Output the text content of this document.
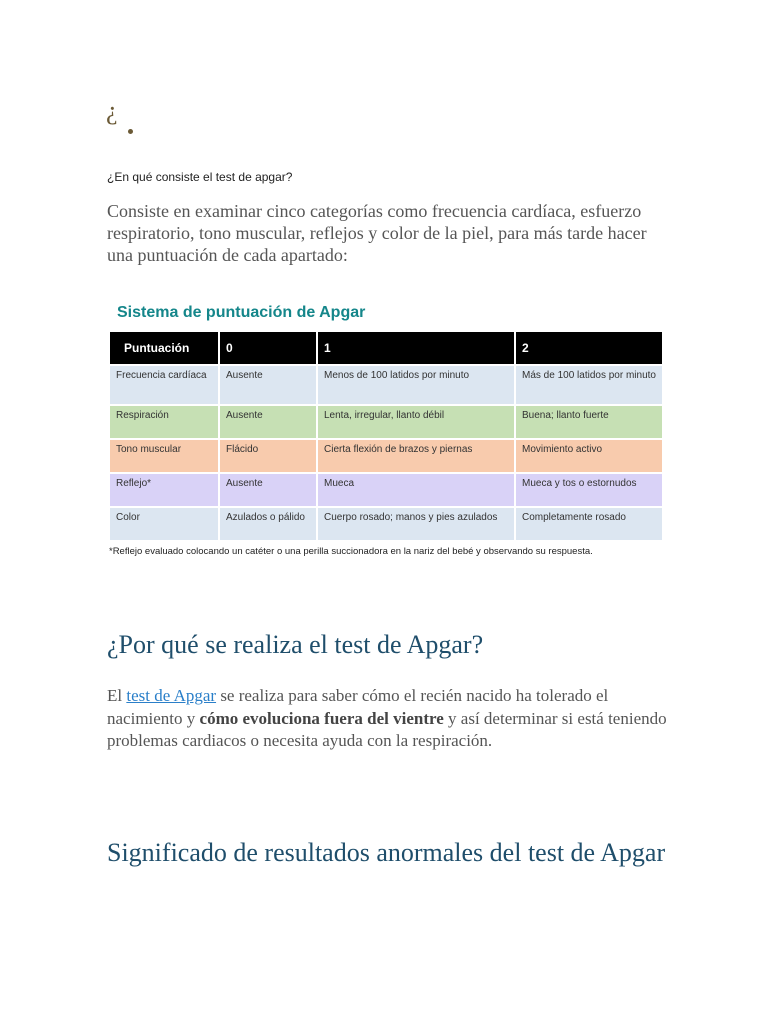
¿
¿En qué consiste el test de apgar?
Consiste en examinar cinco categorías como frecuencia cardíaca, esfuerzo respiratorio, tono muscular, reflejos y color de la piel, para más tarde hacer una puntuación de cada apartado:
Sistema de puntuación de Apgar
Puntuación	0	1	2
Frecuencia cardíaca	Ausente	Menos de 100 latidos por minuto	Más de 100 latidos por minuto
Respiración	Ausente	Lenta, irregular, llanto débil	Buena; llanto fuerte
Tono muscular	Flácido	Cierta flexión de brazos y piernas	Movimiento activo
Reflejo*	Ausente	Mueca	Mueca y tos o estornudos
Color	Azulados o pálido	Cuerpo rosado; manos y pies azulados	Completamente rosado
*Reflejo evaluado colocando un catéter o una perilla succionadora en la nariz del bebé y observando su respuesta.
¿Por qué se realiza el test de Apgar?
El test de Apgar se realiza para saber cómo el recién nacido ha tolerado el nacimiento y cómo evoluciona fuera del vientre y así determinar si está teniendo problemas cardiacos o necesita ayuda con la respiración.
Significado de resultados anormales del test de Apgar
